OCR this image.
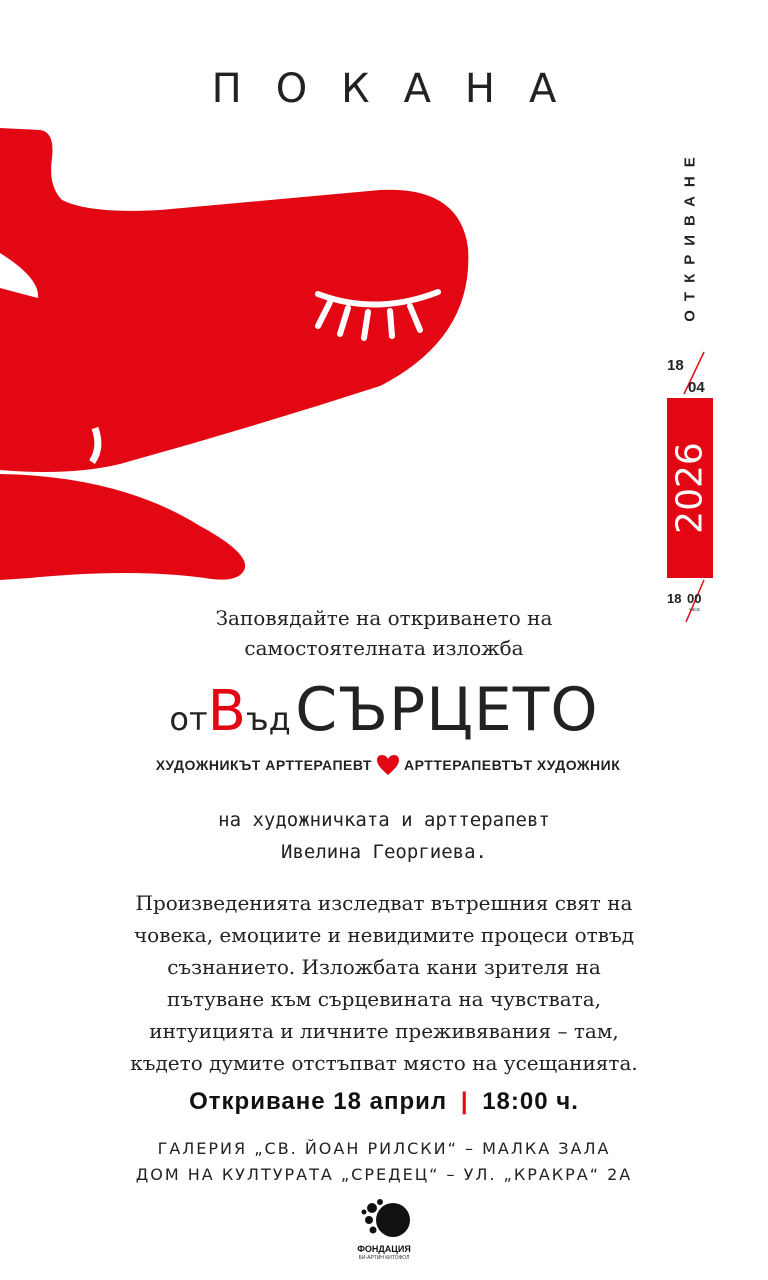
ПОКАНА
ОТКРИВАНЕ
18
04
2026
18 00
часа
Заповядайте на откриването на
самостоятелната изложба
отВъд СЪРЦЕТО
ХУДОЖНИКЪТ АРТТЕРАПЕВТ АРТТЕРАПЕВТЪТ ХУДОЖНИК
на художничката и арттерапевт
Ивелина Георгиева.
Произведенията изследват вътрешния свят на
човека, емоциите и невидимите процеси отвъд
съзнанието. Изложбата кани зрителя на
пътуване към сърцевината на чувствата,
интуицията и личните преживявания – там,
където думите отстъпват място на усещанията.
Откриване 18 април | 18:00 ч.
ГАЛЕРИЯ „СВ. ЙОАН РИЛСКИ“ – МАЛКА ЗАЛА
ДОМ НА КУЛТУРАТА „СРЕДЕЦ“ – УЛ. „КРАКРА“ 2А
ФОНДАЦИЯ
БИ-АРТИН КИТОФОЛ
